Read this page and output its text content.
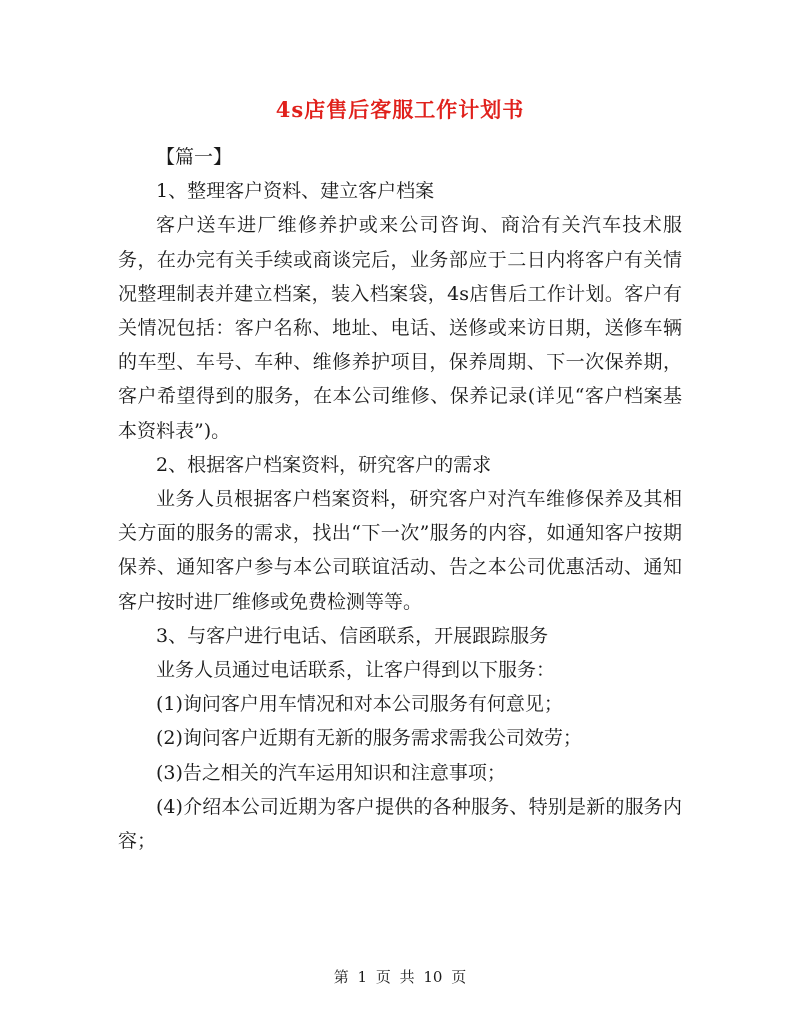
4s店售后客服工作计划书

【篇一】

1、整理客户资料、建立客户档案

客户送车进厂维修养护或来公司咨询、商洽有关汽车技术服务，在办完有关手续或商谈完后，业务部应于二日内将客户有关情况整理制表并建立档案，装入档案袋，4s店售后工作计划。客户有关情况包括：客户名称、地址、电话、送修或来访日期，送修车辆的车型、车号、车种、维修养护项目，保养周期、下一次保养期，客户希望得到的服务，在本公司维修、保养记录(详见“客户档案基本资料表”)。

2、根据客户档案资料，研究客户的需求

业务人员根据客户档案资料，研究客户对汽车维修保养及其相关方面的服务的需求，找出“下一次”服务的内容，如通知客户按期保养、通知客户参与本公司联谊活动、告之本公司优惠活动、通知客户按时进厂维修或免费检测等等。

3、与客户进行电话、信函联系，开展跟踪服务

业务人员通过电话联系，让客户得到以下服务：

(1)询问客户用车情况和对本公司服务有何意见；

(2)询问客户近期有无新的服务需求需我公司效劳；

(3)告之相关的汽车运用知识和注意事项；

(4)介绍本公司近期为客户提供的各种服务、特别是新的服务内容；

第 1 页 共 10 页
